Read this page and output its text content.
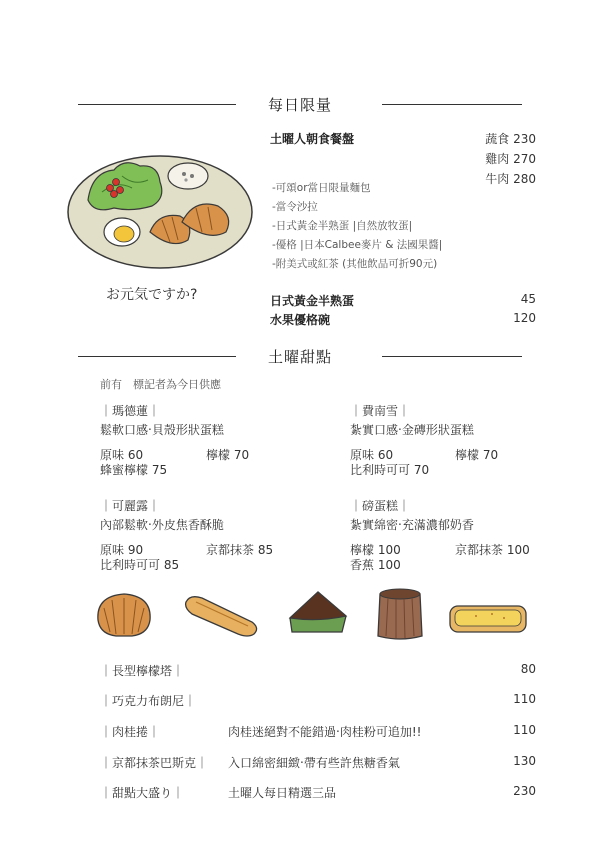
每日限量
お元気ですか?
土曜人朝食餐盤	蔬食 230
雞肉 270
牛肉 280
-可頌or當日限量麵包
-當令沙拉
-日式黃金半熟蛋 |自然放牧蛋|
-優格 |日本Calbee麥片 & 法國果醬|
-附美式或紅茶 (其他飲品可折90元)
日式黃金半熟蛋	45
水果優格碗	120
土曜甜點
前有　標記者為今日供應
｜瑪德蓮｜
鬆軟口感‧貝殼形狀蛋糕
原味 60	檸檬 70
蜂蜜檸檬 75
｜費南雪｜
紮實口感‧金磚形狀蛋糕
原味 60	檸檬 70
比利時可可 70
｜可麗露｜
內部鬆軟‧外皮焦香酥脆
原味 90	京都抹茶 85
比利時可可 85
｜磅蛋糕｜
紮實綿密‧充滿濃郁奶香
檸檬 100	京都抹茶 100
香蕉 100
｜長型檸檬塔｜	80
｜巧克力布朗尼｜	110
｜肉桂捲｜	肉桂迷絕對不能錯過‧肉桂粉可追加!!	110
｜京都抹茶巴斯克｜ 入口綿密細緻‧帶有些許焦糖香氣	130
｜甜點大盛り｜	土曜人每日精選三品	230
